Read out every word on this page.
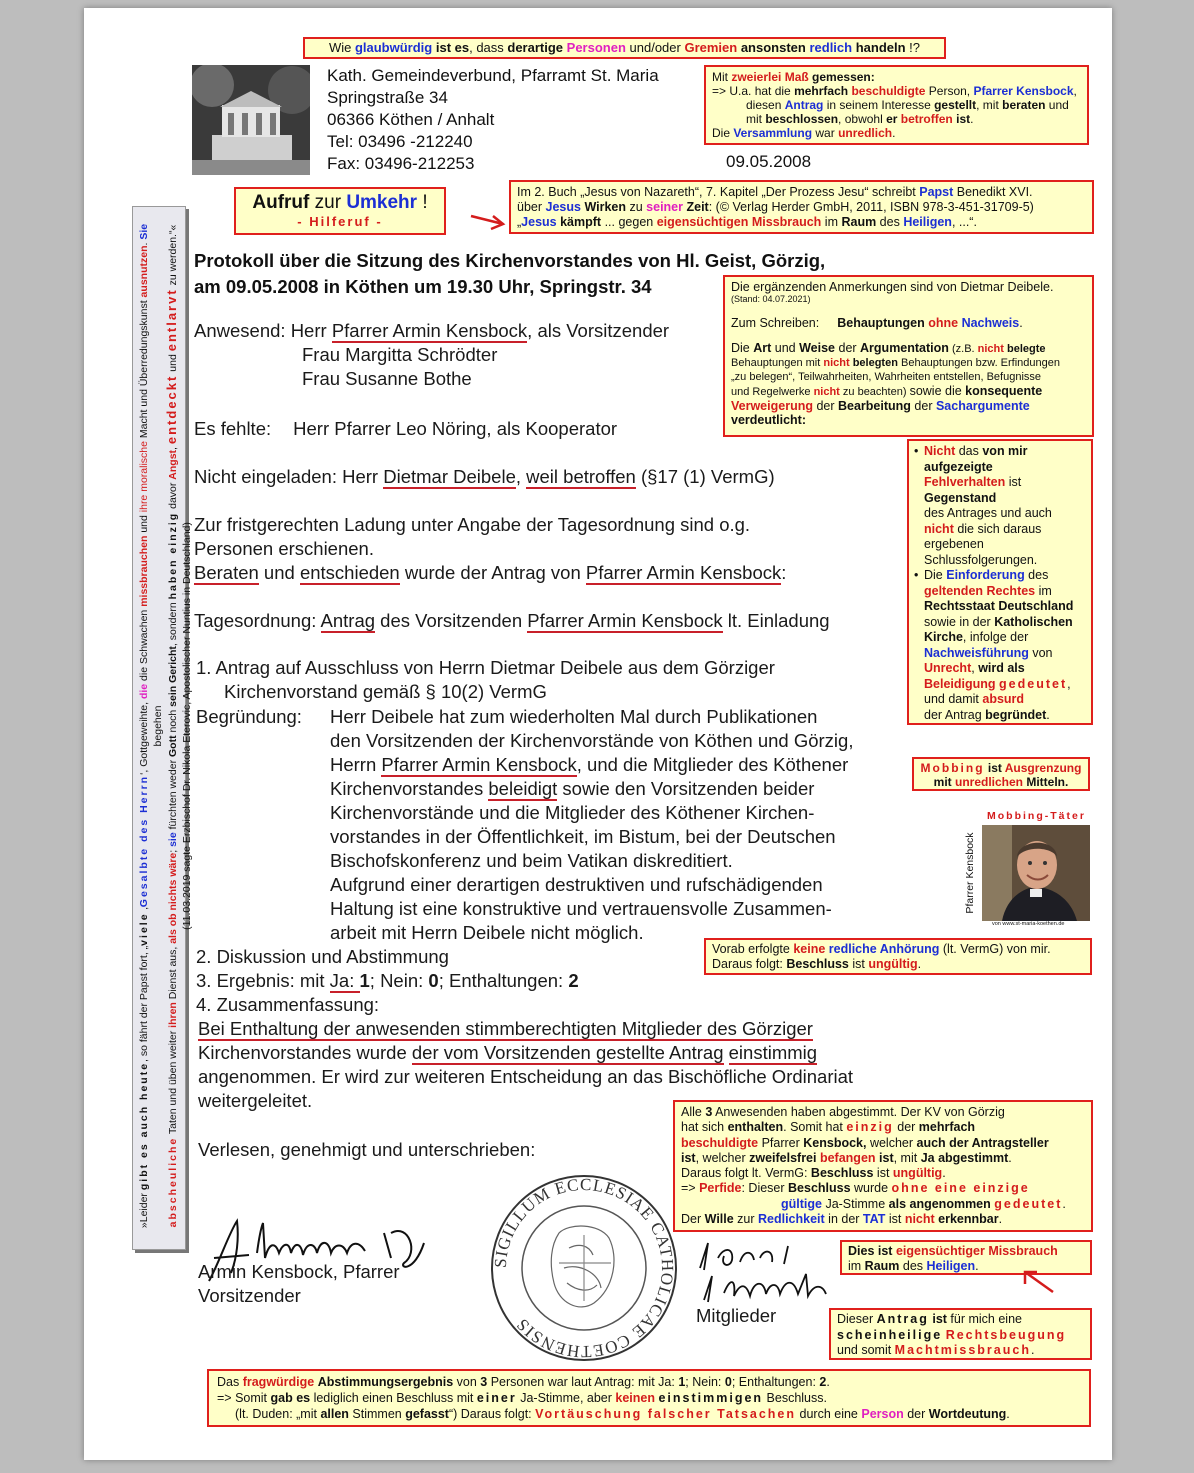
Wie glaubwürdig ist es, dass derartige Personen und/oder Gremien ansonsten redlich handeln !?
Kath. Gemeindeverbund, Pfarramt St. Maria
Springstraße 34
06366 Köthen / Anhalt
Tel: 03496 -212240
Fax: 03496-212253	09.05.2008

Mit zweierlei Maß gemessen:

=> U.a. hat die mehrfach beschuldigte Person, Pfarrer Kensbock,

diesen Antrag in seinem Interesse gestellt, mit beraten und

mit beschlossen, obwohl er betroffen ist.

Die Versammlung war unredlich.

Aufruf zur Umkehr !
- Hilferuf -

Im 2. Buch „Jesus von Nazareth“, 7. Kapitel „Der Prozess Jesu“ schreibt Papst Benedikt XVI.

über Jesus Wirken zu seiner Zeit: (© Verlag Herder GmbH, 2011, ISBN 978-3-451-31709-5)

„Jesus kämpft ... gegen eigensüchtigen Missbrauch im Raum des Heiligen, ...“.

»Leider gibt es auch heute, so fährt der Papst fort, „viele ‚Gesalbte des Herrn‘, Gottgeweihte, die die Schwachen missbrauchen und ihre moralische Macht und Überredungskunst ausnutzen. Sie begehen
abscheuliche Taten und üben weiter ihren Dienst aus, als ob nichts wäre; sie fürchten weder Gott noch sein Gericht, sondern haben einzig davor Angst, entdeckt und entlarvt zu werden.“«
(11.03.2019 sagte Erzbischof Dr. Nikola Eterovic, Apostolischer Nuntius in Deutschland)
Protokoll über die Sitzung des Kirchenvorstandes von Hl. Geist, Görzig,
am 09.05.2008 in Köthen um 19.30 Uhr, Springstr. 34	Die ergänzenden Anmerkungen sind von Dietmar Deibele.

(Stand: 04.07.2021)

Zum Schreiben: Behauptungen ohne Nachweis.

Die Art und Weise der Argumentation (z.B. nicht belegte

Behauptungen mit nicht belegten Behauptungen bzw. Erfindungen

„zu belegen“, Teilwahrheiten, Wahrheiten entstellen, Befugnisse

und Regelwerke nicht zu beachten) sowie die konsequente

Verweigerung der Bearbeitung der Sachargumente

verdeutlicht:

Anwesend: Herr Pfarrer Armin Kensbock, als Vorsitzender
Frau Margitta Schrödter
Frau Susanne Bothe
Es fehlte: Herr Pfarrer Leo Nöring, als Kooperator
Nicht eingeladen: Herr Dietmar Deibele, weil betroffen (§17 (1) VermG)
Zur fristgerechten Ladung unter Angabe der Tagesordnung sind o.g.
Personen erschienen.
Beraten und entschieden wurde der Antrag von Pfarrer Armin Kensbock:
Tagesordnung: Antrag des Vorsitzenden Pfarrer Armin Kensbock lt. Einladung
1. Antrag auf Ausschluss von Herrn Dietmar Deibele aus dem Görziger
Kirchenvorstand gemäß § 10(2) VermG
Begründung: Herr Deibele hat zum wiederholten Mal durch Publikationen
den Vorsitzenden der Kirchenvorstände von Köthen und Görzig,
Herrn Pfarrer Armin Kensbock, und die Mitglieder des Köthener
Kirchenvorstandes beleidigt sowie den Vorsitzenden beider
Kirchenvorstände und die Mitglieder des Köthener Kirchen-
vorstandes in der Öffentlichkeit, im Bistum, bei der Deutschen
Bischofskonferenz und beim Vatikan diskreditiert.
Aufgrund einer derartigen destruktiven und rufschädigenden
Haltung ist eine konstruktive und vertrauensvolle Zusammen-
arbeit mit Herrn Deibele nicht möglich.
2. Diskussion und Abstimmung
3. Ergebnis: mit Ja: 1; Nein: 0; Enthaltungen: 2
4. Zusammenfassung:
Bei Enthaltung der anwesenden stimmberechtigten Mitglieder des Görziger
Kirchenvorstandes wurde der vom Vorsitzenden gestellte Antrag einstimmig
angenommen. Er wird zur weiteren Entscheidung an das Bischöfliche Ordinariat
weitergeleitet.
Verlesen, genehmigt und unterschrieben:
Armin Kensbock, Pfarrer
Vorsitzender
SIGILLUM ECCLESIAE CATHOLICAE COETHENSIS	Mitglieder
• Nicht das von mir
aufgezeigte
Fehlverhalten ist
Gegenstand
des Antrages und auch
nicht die sich daraus
ergebenen
Schlussfolgerungen.
• Die Einforderung des
geltenden Rechtes im
Rechtsstaat Deutschland
sowie in der Katholischen
Kirche, infolge der
Nachweisführung von
Unrecht, wird als
Beleidigung gedeutet,
und damit absurd
der Antrag begründet.
Mobbing ist Ausgrenzung
mit unredlichen Mitteln.
Mobbing-Täter
Pfarrer Kensbock
von www.st-maria-koethen.de

Vorab erfolgte keine redliche Anhörung (lt. VermG) von mir.

Daraus folgt: Beschluss ist ungültig.

Alle 3 Anwesenden haben abgestimmt. Der KV von Görzig

hat sich enthalten. Somit hat einzig der mehrfach

beschuldigte Pfarrer Kensbock, welcher auch der Antragsteller

ist, welcher zweifelsfrei befangen ist, mit Ja abgestimmt.

Daraus folgt lt. VermG: Beschluss ist ungültig.

=> Perfide: Dieser Beschluss wurde ohne eine einzige

gültige Ja-Stimme als angenommen gedeutet.

Der Wille zur Redlichkeit in der TAT ist nicht erkennbar.

Dies ist eigensüchtiger Missbrauch

im Raum des Heiligen.

Dieser Antrag ist für mich eine

scheinheilige Rechtsbeugung

und somit Machtmissbrauch.

Das fragwürdige Abstimmungsergebnis von 3 Personen war laut Antrag: mit Ja: 1; Nein: 0; Enthaltungen: 2.

=> Somit gab es lediglich einen Beschluss mit einer Ja-Stimme, aber keinen einstimmigen Beschluss.

(lt. Duden: „mit allen Stimmen gefasst“) Daraus folgt: Vortäuschung falscher Tatsachen durch eine Person der Wortdeutung.
